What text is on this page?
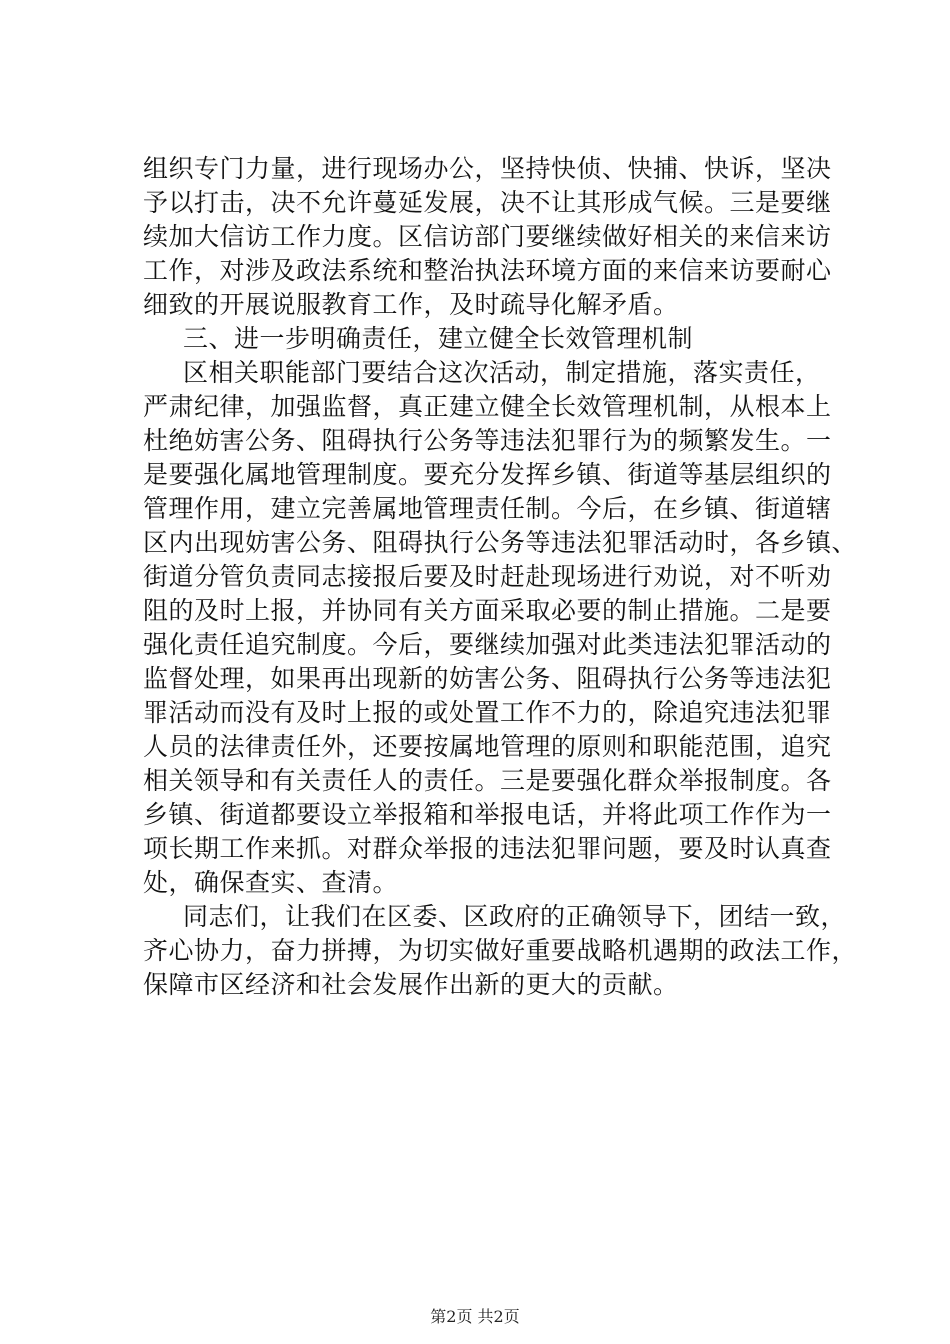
组织专门力量，进行现场办公，坚持快侦、快捕、快诉，坚决
予以打击，决不允许蔓延发展，决不让其形成气候。三是要继
续加大信访工作力度。区信访部门要继续做好相关的来信来访
工作，对涉及政法系统和整治执法环境方面的来信来访要耐心
细致的开展说服教育工作，及时疏导化解矛盾。
三、进一步明确责任，建立健全长效管理机制
区相关职能部门要结合这次活动，制定措施，落实责任，
严肃纪律，加强监督，真正建立健全长效管理机制，从根本上
杜绝妨害公务、阻碍执行公务等违法犯罪行为的频繁发生。一
是要强化属地管理制度。要充分发挥乡镇、街道等基层组织的
管理作用，建立完善属地管理责任制。今后，在乡镇、街道辖
区内出现妨害公务、阻碍执行公务等违法犯罪活动时，各乡镇、
街道分管负责同志接报后要及时赶赴现场进行劝说，对不听劝
阻的及时上报，并协同有关方面采取必要的制止措施。二是要
强化责任追究制度。今后，要继续加强对此类违法犯罪活动的
监督处理，如果再出现新的妨害公务、阻碍执行公务等违法犯
罪活动而没有及时上报的或处置工作不力的，除追究违法犯罪
人员的法律责任外，还要按属地管理的原则和职能范围，追究
相关领导和有关责任人的责任。三是要强化群众举报制度。各
乡镇、街道都要设立举报箱和举报电话，并将此项工作作为一
项长期工作来抓。对群众举报的违法犯罪问题，要及时认真查
处，确保查实、查清。
同志们，让我们在区委、区政府的正确领导下，团结一致，
齐心协力，奋力拼搏，为切实做好重要战略机遇期的政法工作，
保障市区经济和社会发展作出新的更大的贡献。
第2页 共2页
